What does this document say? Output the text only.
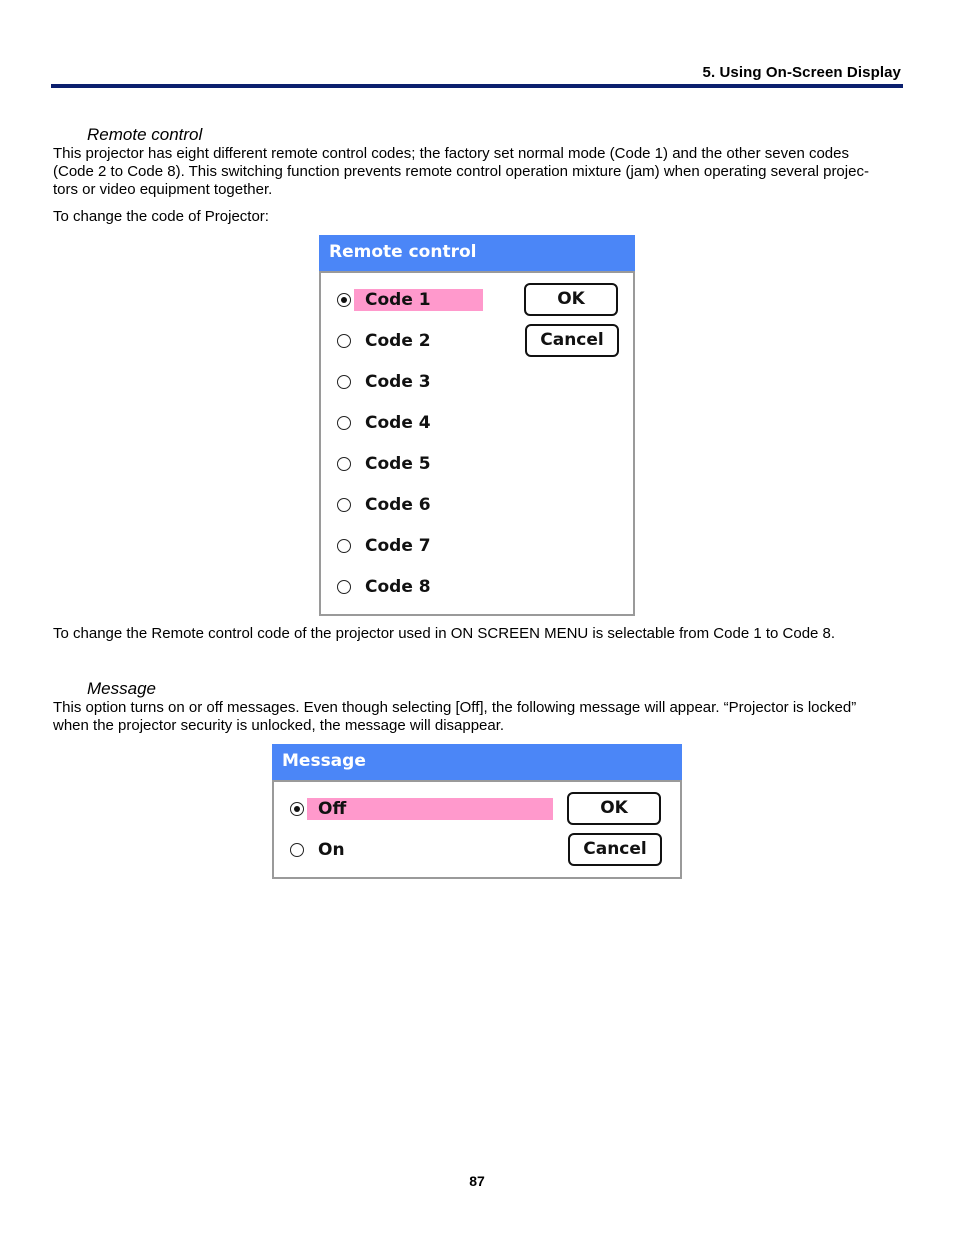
5. Using On-Screen Display
Remote control
This projector has eight different remote control codes; the factory set normal mode (Code 1) and the other seven codes
(Code 2 to Code 8). This switching function prevents remote control operation mixture (jam) when operating several projec-
tors or video equipment together.
To change the code of Projector:
Remote control
Code 1
Code 2
Code 3
Code 4
Code 5
Code 6
Code 7
Code 8
OK
Cancel
To change the Remote control code of the projector used in ON SCREEN MENU is selectable from Code 1 to Code 8.
Message
This option turns on or off messages. Even though selecting [Off], the following message will appear. “Projector is locked”
when the projector security is unlocked, the message will disappear.
Message
Off
On
OK
Cancel
87
